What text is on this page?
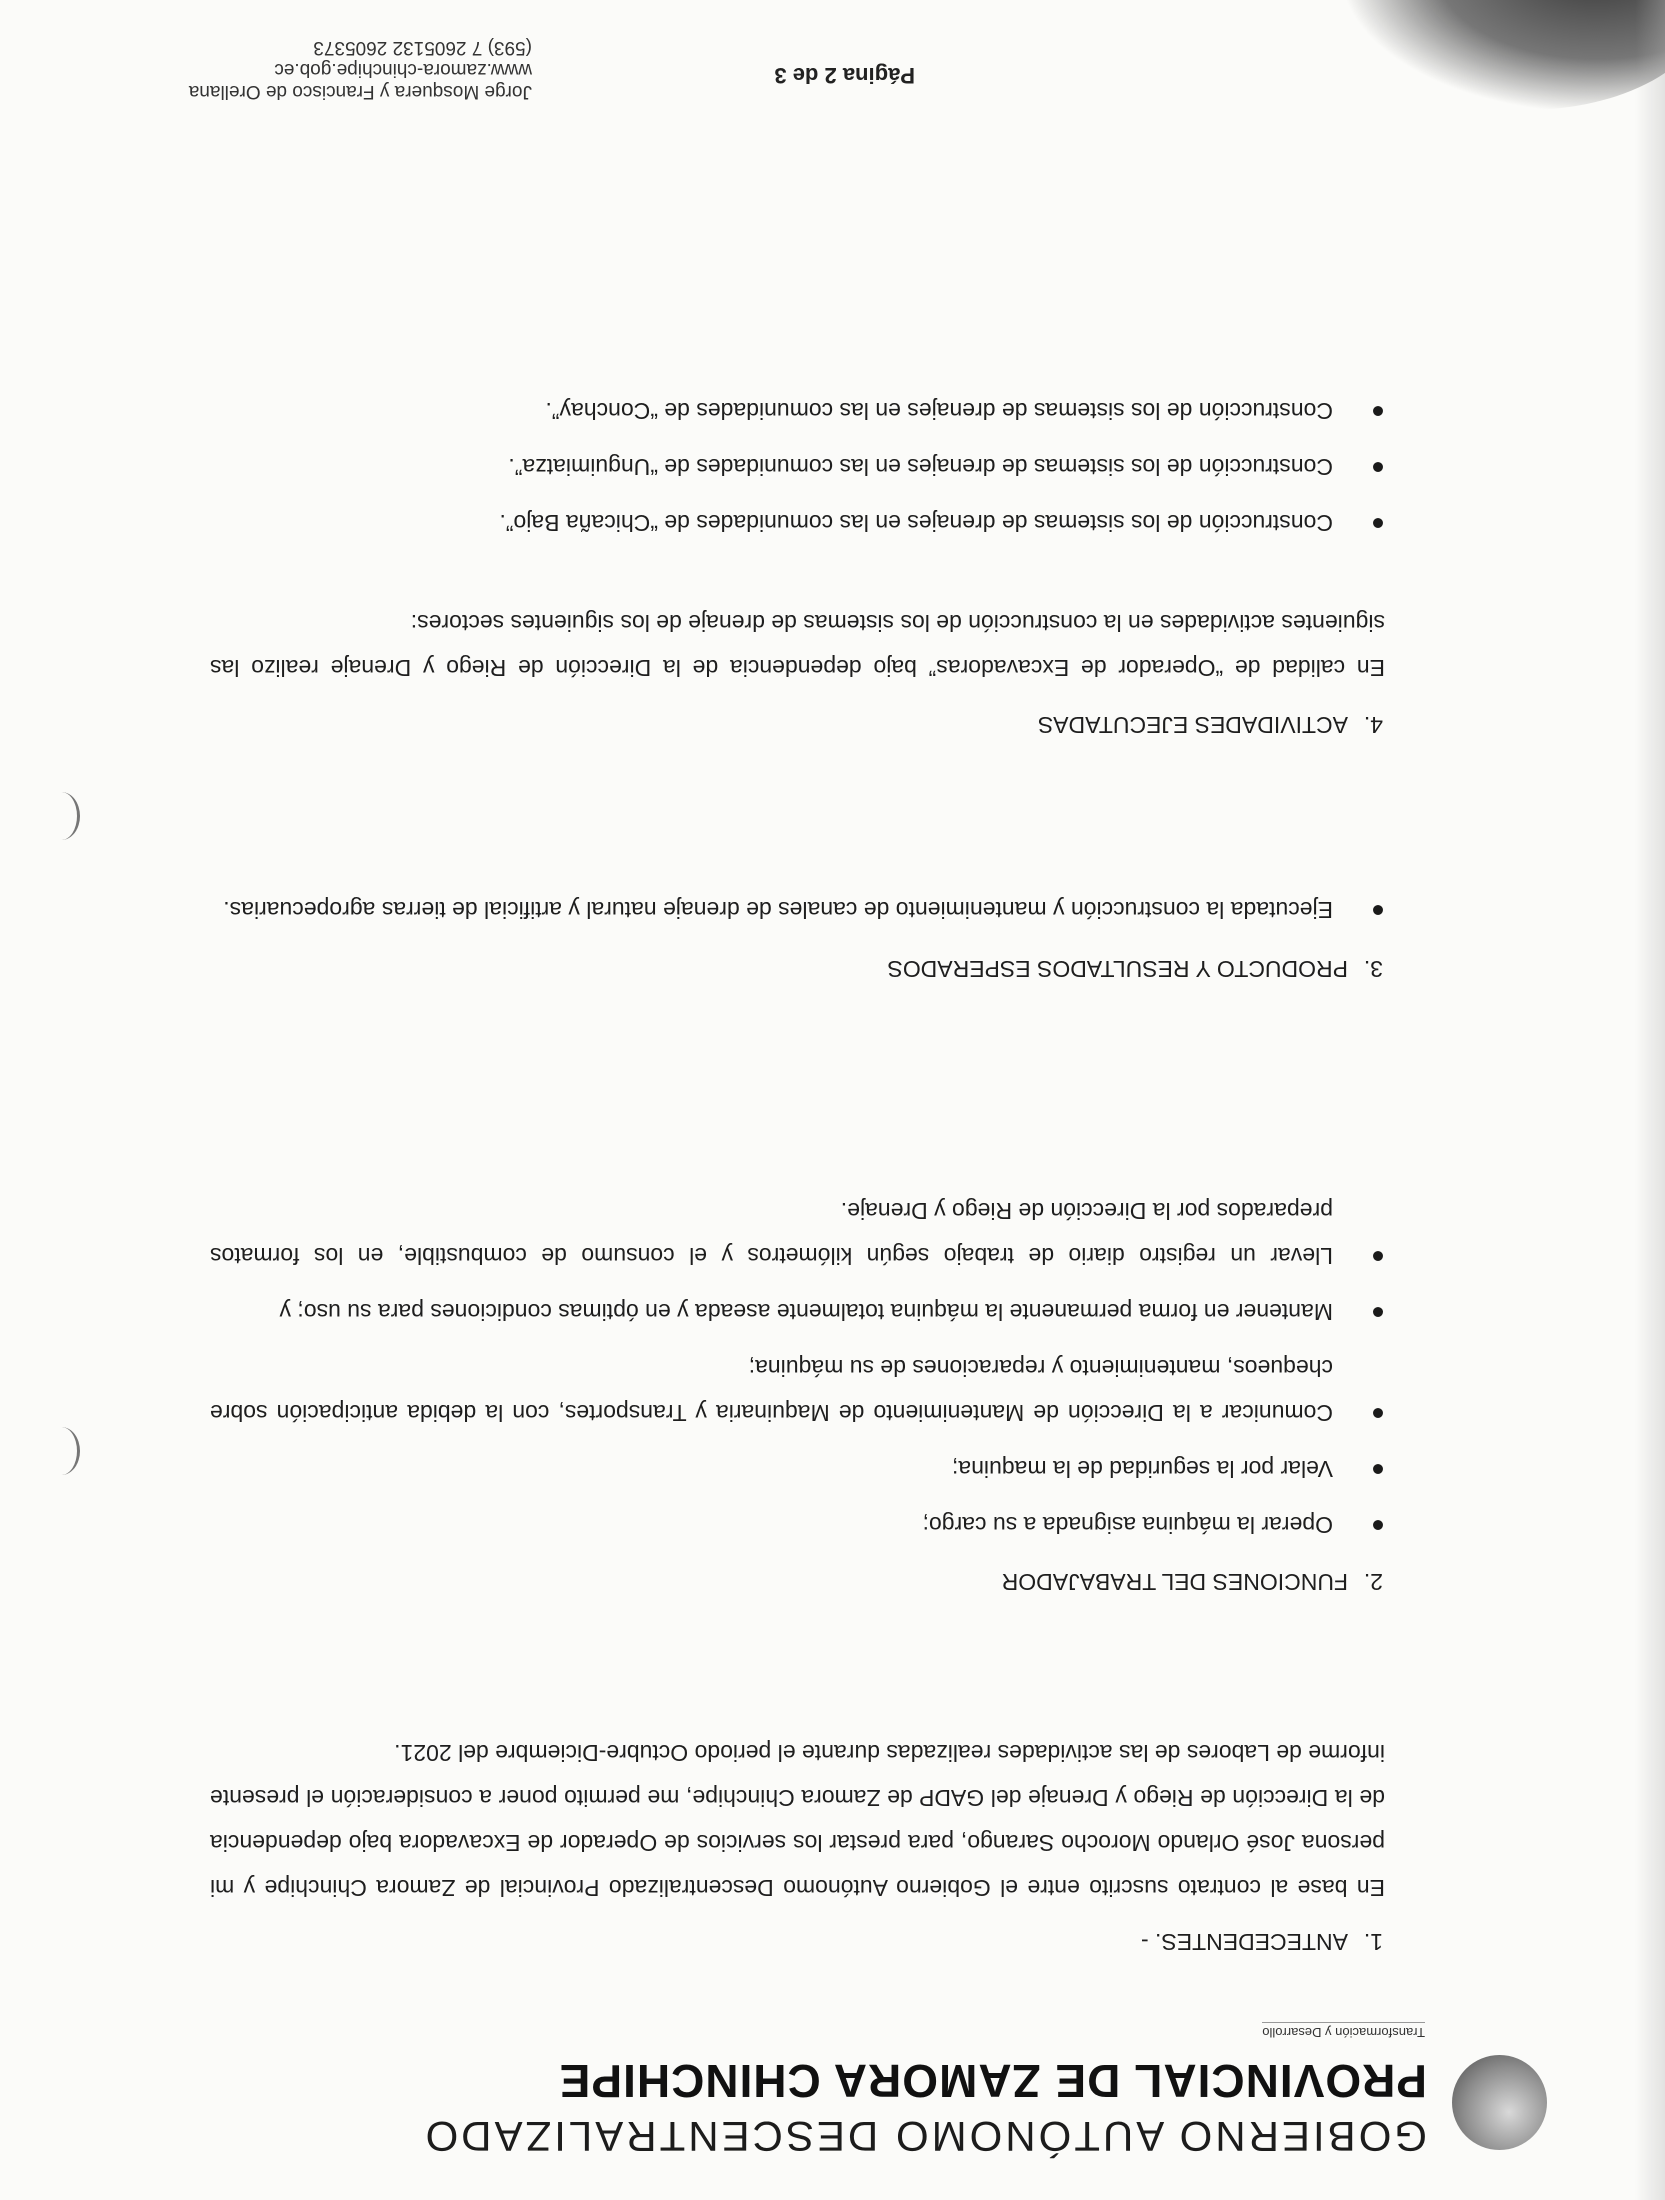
GOBIERNO AUTÓNOMO DESCENTRALIZADO
PROVINCIAL DE ZAMORA CHINCHIPE
Transformación y Desarrollo
1.ANTECEDENTES. -
En base al contrato suscrito entre el Gobierno Autónomo Descentralizado Provincial de Zamora Chinchipe y mi persona José Orlando Morocho Sarango, para prestar los servicios de Operador de Excavadora bajo dependencia de la Dirección de Riego y Drenaje del GADP de Zamora Chinchipe, me permito poner a consideración el presente informe de Labores de las actividades realizadas durante el periodo Octubre-Diciembre del 2021.
2.FUNCIONES DEL TRABAJADOR
Operar la máquina asignada a su cargo;
Velar por la seguridad de la maquina;
Comunicar a la Dirección de Mantenimiento de Maquinaria y Transportes, con la debida anticipación sobre chequeos, mantenimiento y reparaciones de su máquina;
Mantener en forma permanente la máquina totalmente aseada y en óptimas condiciones para su uso; y
Llevar un registro diario de trabajo según kilómetros y el consumo de combustible, en los formatos preparados por la Dirección de Riego y Drenaje.
3.PRODUCTO Y RESULTADOS ESPERADOS
Ejecutada la construcción y mantenimiento de canales de drenaje natural y artificial de tierras agropecuarias.
4.ACTIVIDADES EJECUTADAS
En calidad de “Operador de Excavadoras” bajo dependencia de la Dirección de Riego y Drenaje realizo las siguientes actividades en la construcción de los sistemas de drenaje de los siguientes sectores:
Construcción de los sistemas de drenajes en las comunidades de “Chicaña Bajo”.
Construcción de los sistemas de drenajes en las comunidades de “Unguimiatza”.
Construcción de los sistemas de drenajes en las comunidades de “Conchay”.
Página 2 de 3
Jorge Mosquera y Francisco de Orellana
www.zamora-chinchipe.gob.ec
(593) 7 2605132 2605373
